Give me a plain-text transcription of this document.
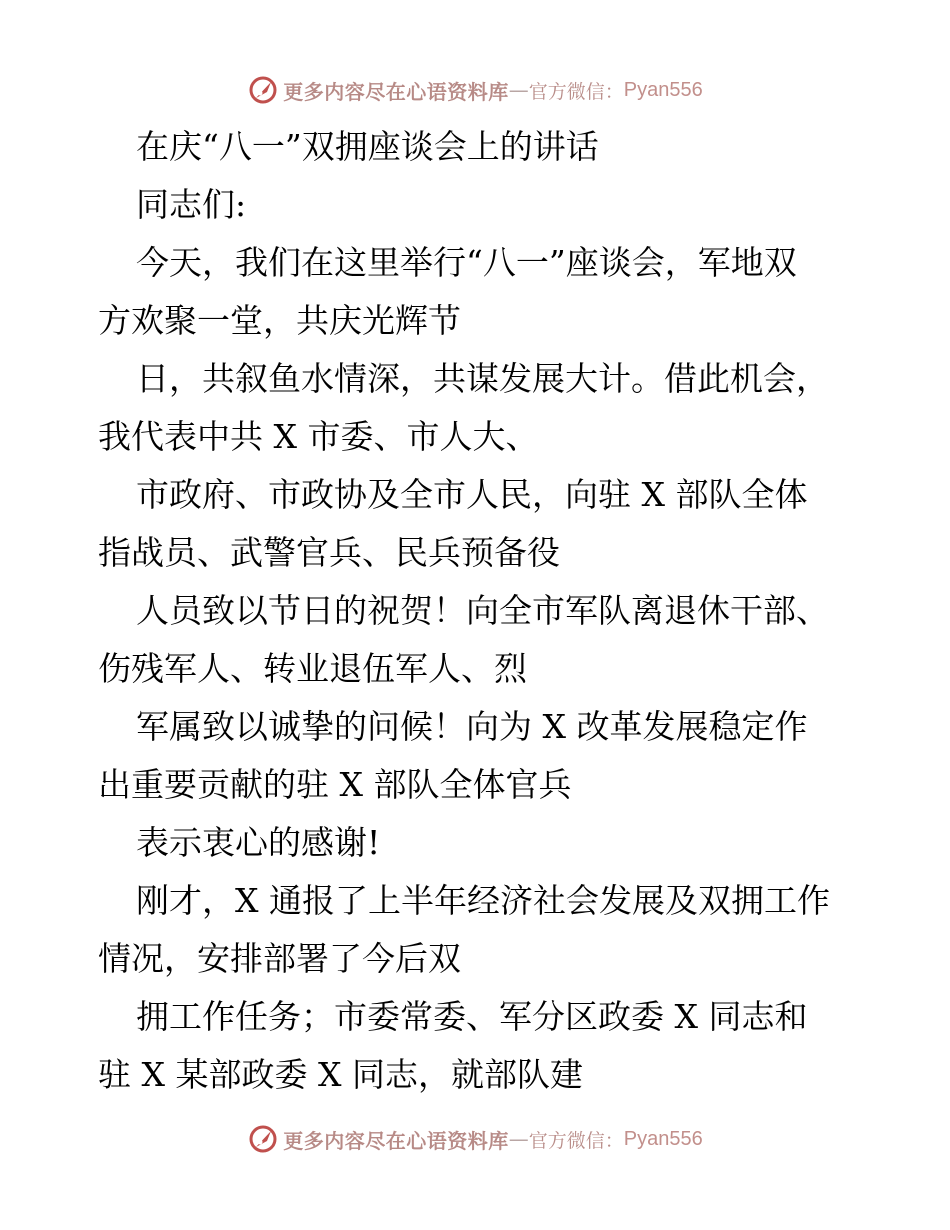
更多内容尽在心语资料库 — 官方微信： Pyan556
在庆“八一”双拥座谈会上的讲话
同志们:
今天，我们在这里举行“八一”座谈会，军地双
方欢聚一堂，共庆光辉节
日，共叙鱼水情深，共谋发展大计。借此机会，
我代表中共 X 市委、市人大、
市政府、市政协及全市人民，向驻 X 部队全体
指战员、武警官兵、民兵预备役
人员致以节日的祝贺！向全市军队离退休干部、
伤残军人、转业退伍军人、烈
军属致以诚挚的问候！向为 X 改革发展稳定作
出重要贡献的驻 X 部队全体官兵
表示衷心的感谢!
刚才，X 通报了上半年经济社会发展及双拥工作
情况，安排部署了今后双
拥工作任务；市委常委、军分区政委 X 同志和
驻 X 某部政委 X 同志，就部队建
更多内容尽在心语资料库 — 官方微信： Pyan556
